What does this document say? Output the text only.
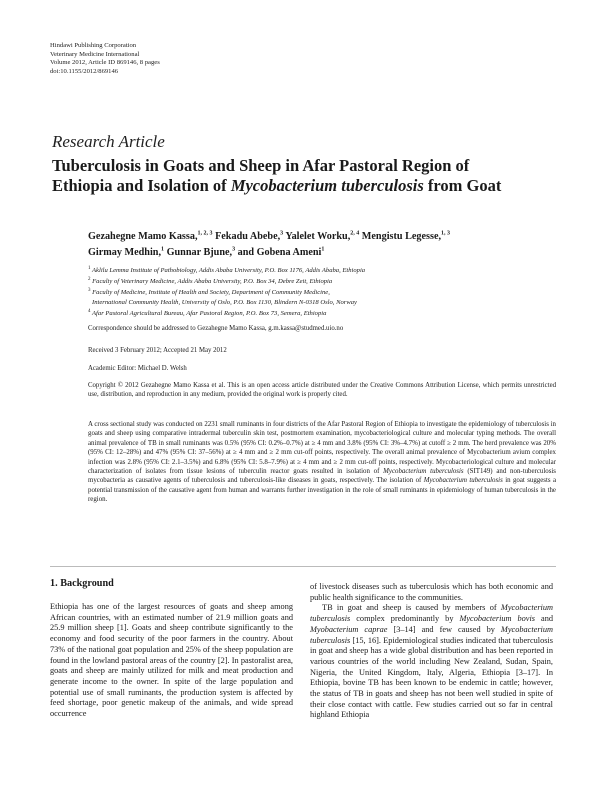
Hindawi Publishing Corporation
Veterinary Medicine International
Volume 2012, Article ID 869146, 8 pages
doi:10.1155/2012/869146
Research Article
Tuberculosis in Goats and Sheep in Afar Pastoral Region of
Ethiopia and Isolation of Mycobacterium tuberculosis from Goat
Gezahegne Mamo Kassa,$^{1, 2, 3}$ Fekadu Abebe,$^3$ Yalelet Worku,$^{2, 4}$ Mengistu Legesse,$^{1, 3}$
Girmay Medhin,$^1$ Gunnar Bjune,$^3$ and Gobena Ameni$^1$
$^1$ Aklilu Lemma Institute of Pathobiology, Addis Ababa University, P.O. Box 1176, Addis Ababa, Ethiopia
$^2$ Faculty of Veterinary Medicine, Addis Ababa University, P.O. Box 34, Debre Zeit, Ethiopia
$^3$ Faculty of Medicine, Institute of Health and Society, Department of Community Medicine,
International Community Health, University of Oslo, P.O. Box 1130, Blindern N-0318 Oslo, Norway
$^4$ Afar Pastoral Agricultural Bureau, Afar Pastoral Region, P.O. Box 73, Semera, Ethiopia
Correspondence should be addressed to Gezahegne Mamo Kassa, g.m.kassa@studmed.uio.no
Received 3 February 2012; Accepted 21 May 2012
Academic Editor: Michael D. Welsh
Copyright © 2012 Gezahegne Mamo Kassa et al. This is an open access article distributed under the Creative Commons Attribution License, which permits unrestricted use, distribution, and reproduction in any medium, provided the original work is properly cited.
A cross sectional study was conducted on 2231 small ruminants in four districts of the Afar Pastoral Region of Ethiopia to investigate the epidemiology of tuberculosis in goats and sheep using comparative intradermal tuberculin skin test, postmortem examination, mycobacteriological culture and molecular typing methods. The overall animal prevalence of TB in small ruminants was 0.5% (95% CI: 0.2%–0.7%) at ≥ 4 mm and 3.8% (95% CI: 3%–4.7%) at cutoff ≥ 2 mm. The herd prevalence was 20% (95% CI: 12–28%) and 47% (95% CI: 37–56%) at ≥ 4 mm and ≥ 2 mm cut-off points, respectively. The overall animal prevalence of Mycobacterium avium complex infection was 2.8% (95% CI: 2.1–3.5%) and 6.8% (95% CI: 5.8–7.9%) at ≥ 4 mm and ≥ 2 mm cut-off points, respectively. Mycobacteriological culture and molecular characterization of isolates from tissue lesions of tuberculin reactor goats resulted in isolation of Mycobacterium tuberculosis (SIT149) and non-tuberculosis mycobacteria as causative agents of tuberculosis and tuberculosis-like diseases in goats, respectively. The isolation of Mycobacterium tuberculosis in goat suggests a potential transmission of the causative agent from human and warrants further investigation in the role of small ruminants in epidemiology of human tuberculosis in the region.
1. Background

Ethiopia has one of the largest resources of goats and sheep among African countries, with an estimated number of 21.9 million goats and 25.9 million sheep [1]. Goats and sheep contribute significantly to the economy and food security of the poor farmers in the country. About 73% of the national goat population and 25% of the sheep population are found in the lowland pastoral areas of the country [2]. In pastoralist area, goats and sheep are mainly utilized for milk and meat production and generate income to the owner. In spite of the large population and potential use of small ruminants, the production system is affected by feed shortage, poor genetic makeup of the animals, and wide spread occurrence

of livestock diseases such as tuberculosis which has both economic and public health significance to the communities.

TB in goat and sheep is caused by members of Mycobacterium tuberculosis complex predominantly by Mycobacterium bovis and Myobacterium caprae [3–14] and few caused by Mycobacterium tuberculosis [15, 16]. Epidemiological studies indicated that tuberculosis in goat and sheep has a wide global distribution and has been reported in various countries of the world including New Zealand, Sudan, Spain, Nigeria, the United Kingdom, Italy, Algeria, Ethiopia [3–17]. In Ethiopia, bovine TB has been known to be endemic in cattle; however, the status of TB in goats and sheep has not been well studied in spite of their close contact with cattle. Few studies carried out so far in central highland Ethiopia
